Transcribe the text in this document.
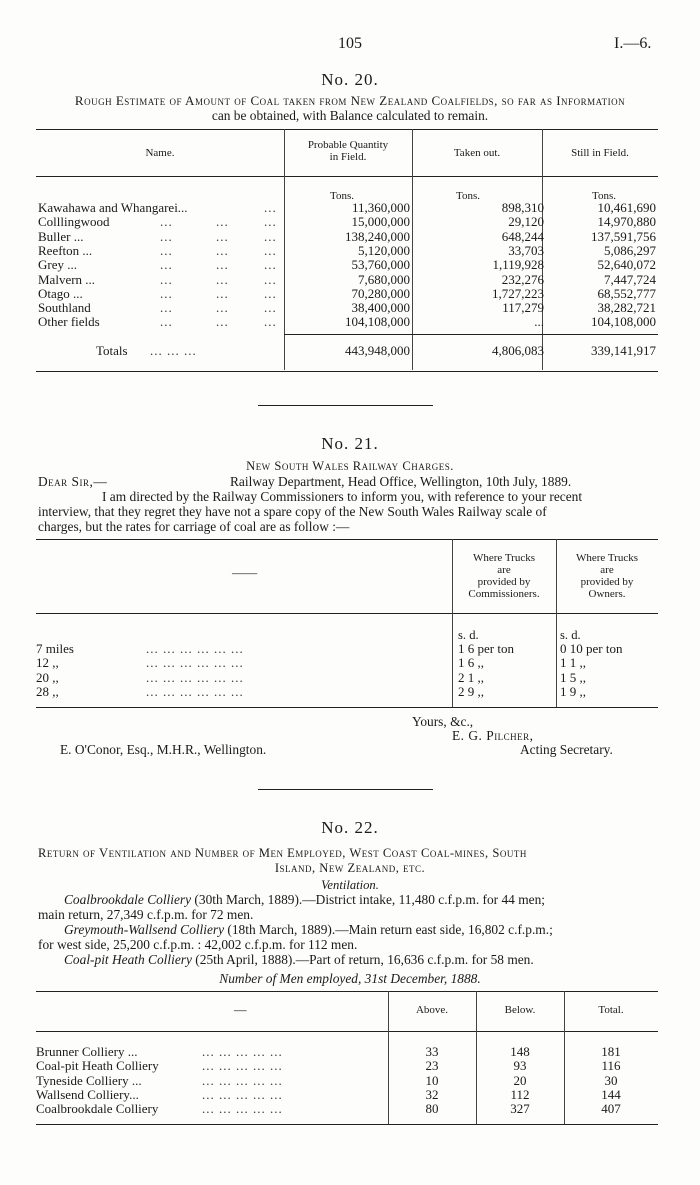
105	I.—6.
No. 20.
Rough Estimate of Amount of Coal taken from New Zealand Coalfields, so far as Information
can be obtained, with Balance calculated to remain.
Name.
Probable Quantity
in Field.	Taken out.	Still in Field.
Tons.	Tons.	Tons.
Kawahawa and Whangarei...	...	11,360,000	898,310	10,461,690
Colllingwood	...	...	...	15,000,000	29,120	14,970,880
Buller ...	...	...	...	138,240,000	648,244	137,591,756
Reefton ...	...	...	...	5,120,000	33,703	5,086,297
Grey ...	...	...	...	53,760,000	1,119,928	52,640,072
Malvern ...	...	...	...	7,680,000	232,276	7,447,724
Otago ...	...	...	...	70,280,000	1,727,223	68,552,777
Southland	...	...	...	38,400,000	117,279	38,282,721
Other fields	...	...	...	104,108,000	...	104,108,000
Totals ... ... ...	443,948,000	4,806,083	339,141,917
No. 21.
New South Wales Railway Charges.
Dear Sir,—	Railway Department, Head Office, Wellington, 10th July, 1889.
I am directed by the Railway Commissioners to inform you, with reference to your recent
interview, that they regret they have not a spare copy of the New South Wales Railway scale of
charges, but the rates for carriage of coal are as follow :—
——
Where Trucks
are
provided by
Commissioners.
Where Trucks
are
provided by
Owners.
s. d.	s. d.
7 miles	... ... ... ... ... ...	1 6 per ton	0 10 per ton
12 ,,	... ... ... ... ... ...	1 6 ,,	1 1 ,,
20 ,,	... ... ... ... ... ...	2 1 ,,	1 5 ,,
28 ,,	... ... ... ... ... ...	2 9 ,,	1 9 ,,
Yours, &c.,
E. G. Pilcher,
Acting Secretary.
E. O'Conor, Esq., M.H.R., Wellington.
No. 22.
Return of Ventilation and Number of Men Employed, West Coast Coal-mines, South
Island, New Zealand, etc.
Ventilation.
Coalbrookdale Colliery (30th March, 1889).—District intake, 11,480 c.f.p.m. for 44 men;
main return, 27,349 c.f.p.m. for 72 men.
Greymouth-Wallsend Colliery (18th March, 1889).—Main return east side, 16,802 c.f.p.m.;
for west side, 25,200 c.f.p.m. : 42,002 c.f.p.m. for 112 men.
Coal-pit Heath Colliery (25th April, 1888).—Part of return, 16,636 c.f.p.m. for 58 men.
Number of Men employed, 31st December, 1888.
—	Above.	Below.	Total.
Brunner Colliery ...	... ... ... ... ...	33	148	181
Coal-pit Heath Colliery	... ... ... ... ...	23	93	116
Tyneside Colliery ...	... ... ... ... ...	10	20	30
Wallsend Colliery...	... ... ... ... ...	32	112	144
Coalbrookdale Colliery	... ... ... ... ...	80	327	407
